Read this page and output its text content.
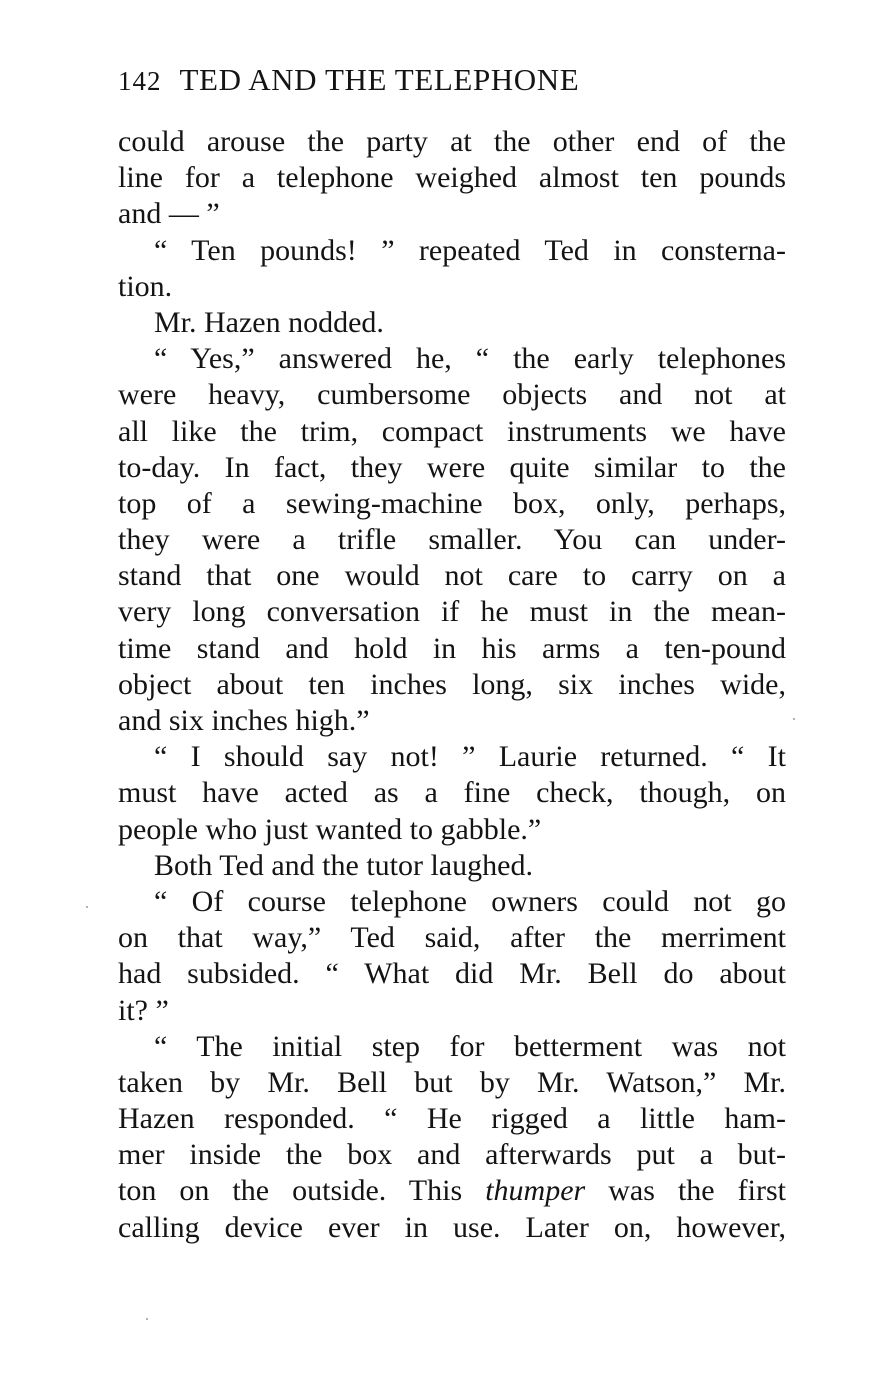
142 TED AND THE TELEPHONE
could arouse the party at the other end of the
line for a telephone weighed almost ten pounds
and — ”
“ Ten pounds! ” repeated Ted in consterna-
tion.
Mr. Hazen nodded.
“ Yes,” answered he, “ the early telephones
were heavy, cumbersome objects and not at
all like the trim, compact instruments we have
to-day. In fact, they were quite similar to the
top of a sewing-machine box, only, perhaps,
they were a trifle smaller. You can under-
stand that one would not care to carry on a
very long conversation if he must in the mean-
time stand and hold in his arms a ten-pound
object about ten inches long, six inches wide,
and six inches high.”
“ I should say not! ” Laurie returned. “ It
must have acted as a fine check, though, on
people who just wanted to gabble.”
Both Ted and the tutor laughed.
“ Of course telephone owners could not go
on that way,” Ted said, after the merriment
had subsided. “ What did Mr. Bell do about
it? ”
“ The initial step for betterment was not
taken by Mr. Bell but by Mr. Watson,” Mr.
Hazen responded. “ He rigged a little ham-
mer inside the box and afterwards put a but-
ton on the outside. This thumper was the first
calling device ever in use. Later on, however,
